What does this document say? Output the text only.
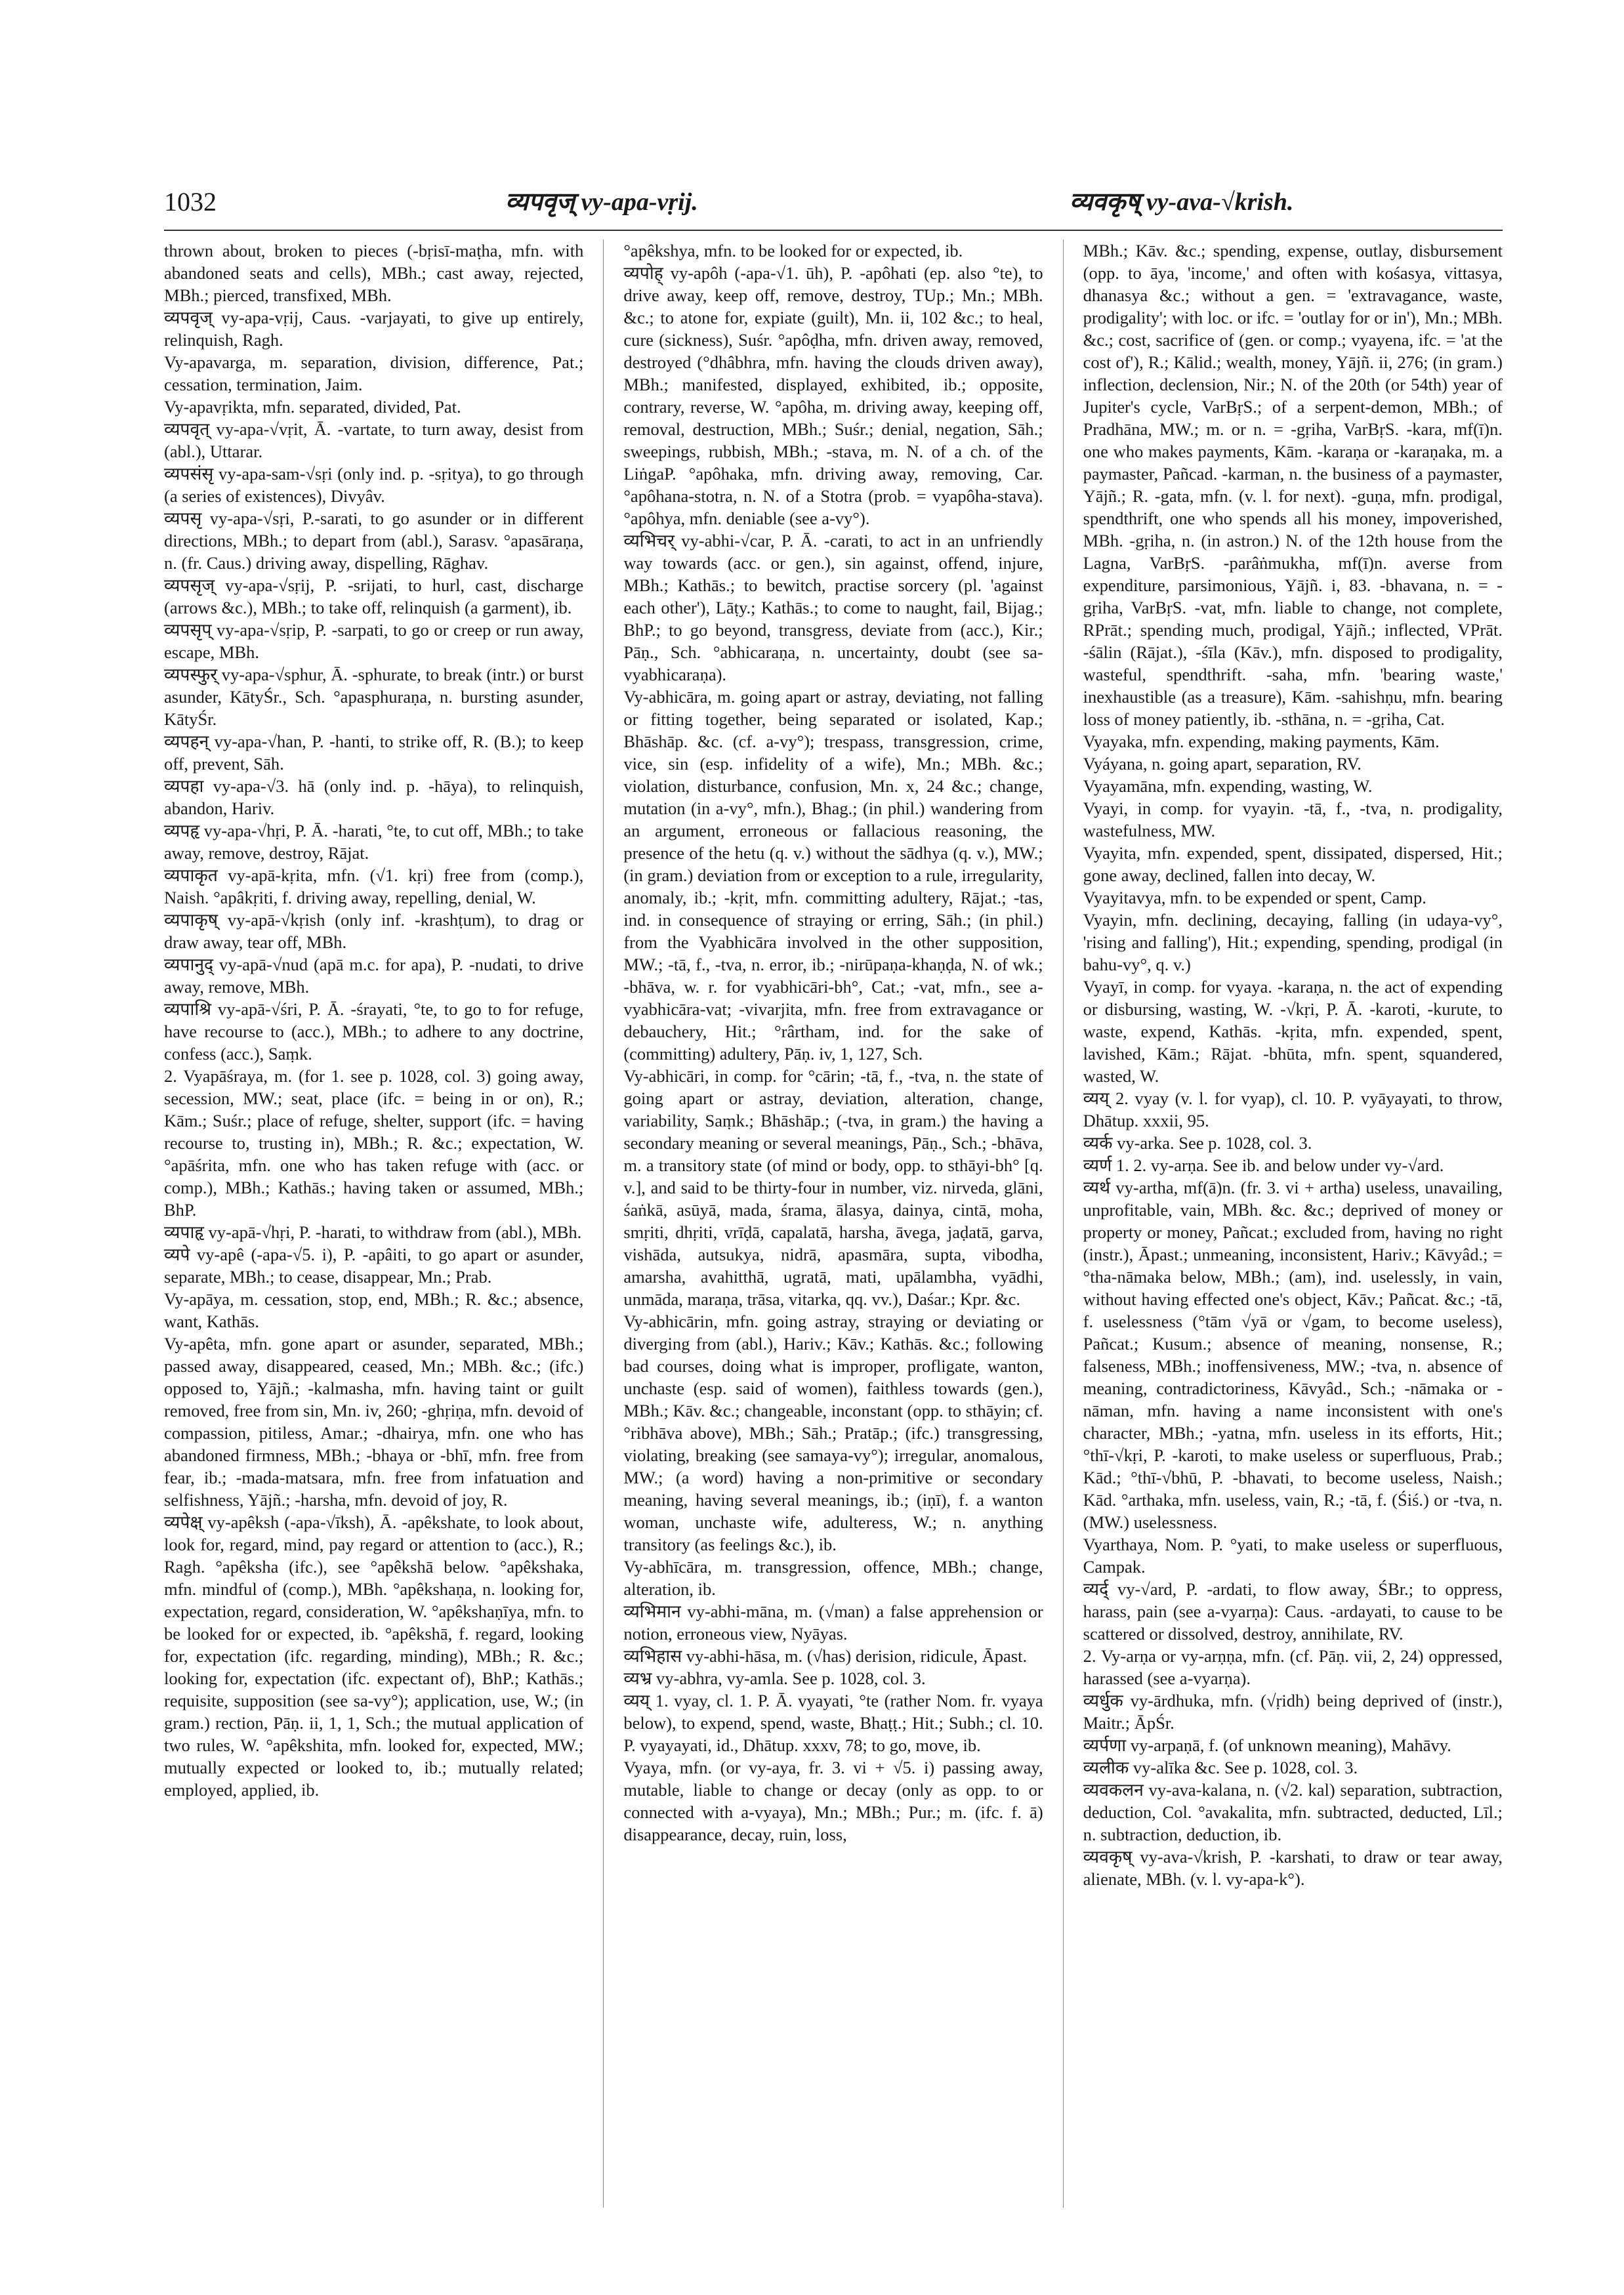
1032	व्यपवृज् vy-apa-vṛij.	व्यवकृष् vy-ava-√krish.

thrown about, broken to pieces (-bṛisī-maṭha, mfn. with abandoned seats and cells), MBh.; cast away, rejected, MBh.; pierced, transfixed, MBh.

व्यपवृज् vy-apa-vṛij, Caus. -varjayati, to give up entirely, relinquish, Ragh.

Vy-apavarga, m. separation, division, difference, Pat.; cessation, termination, Jaim.

Vy-apavṛikta, mfn. separated, divided, Pat.

व्यपवृत् vy-apa-√vṛit, Ā. -vartate, to turn away, desist from (abl.), Uttarar.

व्यपसंसृ vy-apa-sam-√sṛi (only ind. p. -sṛitya), to go through (a series of existences), Divyâv.

व्यपसृ vy-apa-√sṛi, P.-sarati, to go asunder or in different directions, MBh.; to depart from (abl.), Sarasv. °apasāraṇa, n. (fr. Caus.) driving away, dispelling, Rāghav.

व्यपसृज् vy-apa-√sṛij, P. -srijati, to hurl, cast, discharge (arrows &c.), MBh.; to take off, relinquish (a garment), ib.

व्यपसृप् vy-apa-√sṛip, P. -sarpati, to go or creep or run away, escape, MBh.

व्यपस्फुर् vy-apa-√sphur, Ā. -sphurate, to break (intr.) or burst asunder, KātyŚr., Sch. °apasphuraṇa, n. bursting asunder, KātyŚr.

व्यपहन् vy-apa-√han, P. -hanti, to strike off, R. (B.); to keep off, prevent, Sāh.

व्यपहा vy-apa-√3. hā (only ind. p. -hāya), to relinquish, abandon, Hariv.

व्यपहृ vy-apa-√hṛi, P. Ā. -harati, °te, to cut off, MBh.; to take away, remove, destroy, Rājat.

व्यपाकृत vy-apā-kṛita, mfn. (√1. kṛi) free from (comp.), Naish. °apâkṛiti, f. driving away, repelling, denial, W.

व्यपाकृष् vy-apā-√kṛish (only inf. -krashṭum), to drag or draw away, tear off, MBh.

व्यपानुद् vy-apā-√nud (apā m.c. for apa), P. -nudati, to drive away, remove, MBh.

व्यपाश्रि vy-apā-√śri, P. Ā. -śrayati, °te, to go to for refuge, have recourse to (acc.), MBh.; to adhere to any doctrine, confess (acc.), Saṃk.

2. Vyapāśraya, m. (for 1. see p. 1028, col. 3) going away, secession, MW.; seat, place (ifc. = being in or on), R.; Kām.; Suśr.; place of refuge, shelter, support (ifc. = having recourse to, trusting in), MBh.; R. &c.; expectation, W. °apāśrita, mfn. one who has taken refuge with (acc. or comp.), MBh.; Kathās.; having taken or assumed, MBh.; BhP.

व्यपाहृ vy-apā-√hṛi, P. -harati, to withdraw from (abl.), MBh.

व्यपे vy-apê (-apa-√5. i), P. -apâiti, to go apart or asunder, separate, MBh.; to cease, disappear, Mn.; Prab.

Vy-apāya, m. cessation, stop, end, MBh.; R. &c.; absence, want, Kathās.

Vy-apêta, mfn. gone apart or asunder, separated, MBh.; passed away, disappeared, ceased, Mn.; MBh. &c.; (ifc.) opposed to, Yājñ.; -kalmasha, mfn. having taint or guilt removed, free from sin, Mn. iv, 260; -ghṛiṇa, mfn. devoid of compassion, pitiless, Amar.; -dhairya, mfn. one who has abandoned firmness, MBh.; -bhaya or -bhī, mfn. free from fear, ib.; -mada-matsara, mfn. free from infatuation and selfishness, Yājñ.; -harsha, mfn. devoid of joy, R.

व्यपेक्ष् vy-apêksh (-apa-√īksh), Ā. -apêkshate, to look about, look for, regard, mind, pay regard or attention to (acc.), R.; Ragh. °apêksha (ifc.), see °apêkshā below. °apêkshaka, mfn. mindful of (comp.), MBh. °apêkshaṇa, n. looking for, expectation, regard, consideration, W. °apêkshaṇīya, mfn. to be looked for or expected, ib. °apêkshā, f. regard, looking for, expectation (ifc. regarding, minding), MBh.; R. &c.; looking for, expectation (ifc. expectant of), BhP.; Kathās.; requisite, supposition (see sa-vy°); application, use, W.; (in gram.) rection, Pāṇ. ii, 1, 1, Sch.; the mutual application of two rules, W. °apêkshita, mfn. looked for, expected, MW.; mutually expected or looked to, ib.; mutually related; employed, applied, ib.

°apêkshya, mfn. to be looked for or expected, ib.

व्यपोह् vy-apôh (-apa-√1. ūh), P. -apôhati (ep. also °te), to drive away, keep off, remove, destroy, TUp.; Mn.; MBh. &c.; to atone for, expiate (guilt), Mn. ii, 102 &c.; to heal, cure (sickness), Suśr. °apôḍha, mfn. driven away, removed, destroyed (°dhâbhra, mfn. having the clouds driven away), MBh.; manifested, displayed, exhibited, ib.; opposite, contrary, reverse, W. °apôha, m. driving away, keeping off, removal, destruction, MBh.; Suśr.; denial, negation, Sāh.; sweepings, rubbish, MBh.; -stava, m. N. of a ch. of the LiṅgaP. °apôhaka, mfn. driving away, removing, Car. °apôhana-stotra, n. N. of a Stotra (prob. = vyapôha-stava). °apôhya, mfn. deniable (see a-vy°).

व्यभिचर् vy-abhi-√car, P. Ā. -carati, to act in an unfriendly way towards (acc. or gen.), sin against, offend, injure, MBh.; Kathās.; to bewitch, practise sorcery (pl. 'against each other'), Lāṭy.; Kathās.; to come to naught, fail, Bijag.; BhP.; to go beyond, transgress, deviate from (acc.), Kir.; Pāṇ., Sch. °abhicaraṇa, n. uncertainty, doubt (see sa-vyabhicaraṇa).

Vy-abhicāra, m. going apart or astray, deviating, not falling or fitting together, being separated or isolated, Kap.; Bhāshāp. &c. (cf. a-vy°); trespass, transgression, crime, vice, sin (esp. infidelity of a wife), Mn.; MBh. &c.; violation, disturbance, confusion, Mn. x, 24 &c.; change, mutation (in a-vy°, mfn.), Bhag.; (in phil.) wandering from an argument, erroneous or fallacious reasoning, the presence of the hetu (q. v.) without the sādhya (q. v.), MW.; (in gram.) deviation from or exception to a rule, irregularity, anomaly, ib.; -kṛit, mfn. committing adultery, Rājat.; -tas, ind. in consequence of straying or erring, Sāh.; (in phil.) from the Vyabhicāra involved in the other supposition, MW.; -tā, f., -tva, n. error, ib.; -nirūpaṇa-khaṇḍa, N. of wk.; -bhāva, w. r. for vyabhicāri-bh°, Cat.; -vat, mfn., see a-vyabhicāra-vat; -vivarjita, mfn. free from extravagance or debauchery, Hit.; °rârtham, ind. for the sake of (committing) adultery, Pāṇ. iv, 1, 127, Sch.

Vy-abhicāri, in comp. for °cārin; -tā, f., -tva, n. the state of going apart or astray, deviation, alteration, change, variability, Saṃk.; Bhāshāp.; (-tva, in gram.) the having a secondary meaning or several meanings, Pāṇ., Sch.; -bhāva, m. a transitory state (of mind or body, opp. to sthāyi-bh° [q. v.], and said to be thirty-four in number, viz. nirveda, glāni, śaṅkā, asūyā, mada, śrama, ālasya, dainya, cintā, moha, smṛiti, dhṛiti, vrīḍā, capalatā, harsha, āvega, jaḍatā, garva, vishāda, autsukya, nidrā, apasmāra, supta, vibodha, amarsha, avahitthā, ugratā, mati, upālambha, vyādhi, unmāda, maraṇa, trāsa, vitarka, qq. vv.), Daśar.; Kpr. &c.

Vy-abhicārin, mfn. going astray, straying or deviating or diverging from (abl.), Hariv.; Kāv.; Kathās. &c.; following bad courses, doing what is improper, profligate, wanton, unchaste (esp. said of women), faithless towards (gen.), MBh.; Kāv. &c.; changeable, inconstant (opp. to sthāyin; cf. °ribhāva above), MBh.; Sāh.; Pratāp.; (ifc.) transgressing, violating, breaking (see samaya-vy°); irregular, anomalous, MW.; (a word) having a non-primitive or secondary meaning, having several meanings, ib.; (iṇī), f. a wanton woman, unchaste wife, adulteress, W.; n. anything transitory (as feelings &c.), ib.

Vy-abhīcāra, m. transgression, offence, MBh.; change, alteration, ib.

व्यभिमान vy-abhi-māna, m. (√man) a false apprehension or notion, erroneous view, Nyāyas.

व्यभिहास vy-abhi-hāsa, m. (√has) derision, ridicule, Āpast.

व्यभ्र vy-abhra, vy-amla. See p. 1028, col. 3.

व्यय् 1. vyay, cl. 1. P. Ā. vyayati, °te (rather Nom. fr. vyaya below), to expend, spend, waste, Bhaṭṭ.; Hit.; Subh.; cl. 10. P. vyayayati, id., Dhātup. xxxv, 78; to go, move, ib.

Vyaya, mfn. (or vy-aya, fr. 3. vi + √5. i) passing away, mutable, liable to change or decay (only as opp. to or connected with a-vyaya), Mn.; MBh.; Pur.; m. (ifc. f. ā) disappearance, decay, ruin, loss,

MBh.; Kāv. &c.; spending, expense, outlay, disbursement (opp. to āya, 'income,' and often with kośasya, vittasya, dhanasya &c.; without a gen. = 'extravagance, waste, prodigality'; with loc. or ifc. = 'outlay for or in'), Mn.; MBh. &c.; cost, sacrifice of (gen. or comp.; vyayena, ifc. = 'at the cost of'), R.; Kālid.; wealth, money, Yājñ. ii, 276; (in gram.) inflection, declension, Nir.; N. of the 20th (or 54th) year of Jupiter's cycle, VarBṛS.; of a serpent-demon, MBh.; of Pradhāna, MW.; m. or n. = -gṛiha, VarBṛS. -kara, mf(ī)n. one who makes payments, Kām. -karaṇa or -karaṇaka, m. a paymaster, Pañcad. -karman, n. the business of a paymaster, Yājñ.; R. -gata, mfn. (v. l. for next). -guṇa, mfn. prodigal, spendthrift, one who spends all his money, impoverished, MBh. -gṛiha, n. (in astron.) N. of the 12th house from the Lagna, VarBṛS. -parâṅmukha, mf(ī)n. averse from expenditure, parsimonious, Yājñ. i, 83. -bhavana, n. = -gṛiha, VarBṛS. -vat, mfn. liable to change, not complete, RPrāt.; spending much, prodigal, Yājñ.; inflected, VPrāt. -śālin (Rājat.), -śīla (Kāv.), mfn. disposed to prodigality, wasteful, spendthrift. -saha, mfn. 'bearing waste,' inexhaustible (as a treasure), Kām. -sahishṇu, mfn. bearing loss of money patiently, ib. -sthāna, n. = -gṛiha, Cat.

Vyayaka, mfn. expending, making payments, Kām.

Vyáyana, n. going apart, separation, RV.

Vyayamāna, mfn. expending, wasting, W.

Vyayi, in comp. for vyayin. -tā, f., -tva, n. prodigality, wastefulness, MW.

Vyayita, mfn. expended, spent, dissipated, dispersed, Hit.; gone away, declined, fallen into decay, W.

Vyayitavya, mfn. to be expended or spent, Camp.

Vyayin, mfn. declining, decaying, falling (in udaya-vy°, 'rising and falling'), Hit.; expending, spending, prodigal (in bahu-vy°, q. v.)

Vyayī, in comp. for vyaya. -karaṇa, n. the act of expending or disbursing, wasting, W. -√kṛi, P. Ā. -karoti, -kurute, to waste, expend, Kathās. -kṛita, mfn. expended, spent, lavished, Kām.; Rājat. -bhūta, mfn. spent, squandered, wasted, W.

व्यय् 2. vyay (v. l. for vyap), cl. 10. P. vyāyayati, to throw, Dhātup. xxxii, 95.

व्यर्क vy-arka. See p. 1028, col. 3.

व्यर्ण 1. 2. vy-arṇa. See ib. and below under vy-√ard.

व्यर्थ vy-artha, mf(ā)n. (fr. 3. vi + artha) useless, unavailing, unprofitable, vain, MBh. &c. &c.; deprived of money or property or money, Pañcat.; excluded from, having no right (instr.), Āpast.; unmeaning, inconsistent, Hariv.; Kāvyâd.; = °tha-nāmaka below, MBh.; (am), ind. uselessly, in vain, without having effected one's object, Kāv.; Pañcat. &c.; -tā, f. uselessness (°tām √yā or √gam, to become useless), Pañcat.; Kusum.; absence of meaning, nonsense, R.; falseness, MBh.; inoffensiveness, MW.; -tva, n. absence of meaning, contradictoriness, Kāvyâd., Sch.; -nāmaka or -nāman, mfn. having a name inconsistent with one's character, MBh.; -yatna, mfn. useless in its efforts, Hit.; °thī-√kṛi, P. -karoti, to make useless or superfluous, Prab.; Kād.; °thī-√bhū, P. -bhavati, to become useless, Naish.; Kād. °arthaka, mfn. useless, vain, R.; -tā, f. (Śiś.) or -tva, n. (MW.) uselessness.

Vyarthaya, Nom. P. °yati, to make useless or superfluous, Campak.

व्यर्द् vy-√ard, P. -ardati, to flow away, ŚBr.; to oppress, harass, pain (see a-vyarṇa): Caus. -ardayati, to cause to be scattered or dissolved, destroy, annihilate, RV.

2. Vy-arṇa or vy-arṇṇa, mfn. (cf. Pāṇ. vii, 2, 24) oppressed, harassed (see a-vyarṇa).

व्यर्धुक vy-ārdhuka, mfn. (√ṛidh) being deprived of (instr.), Maitr.; ĀpŚr.

व्यर्पणा vy-arpaṇā, f. (of unknown meaning), Mahāvy.

व्यलीक vy-alīka &c. See p. 1028, col. 3.

व्यवकलन vy-ava-kalana, n. (√2. kal) separation, subtraction, deduction, Col. °avakalita, mfn. subtracted, deducted, Līl.; n. subtraction, deduction, ib.

व्यवकृष् vy-ava-√krish, P. -karshati, to draw or tear away, alienate, MBh. (v. l. vy-apa-k°).
